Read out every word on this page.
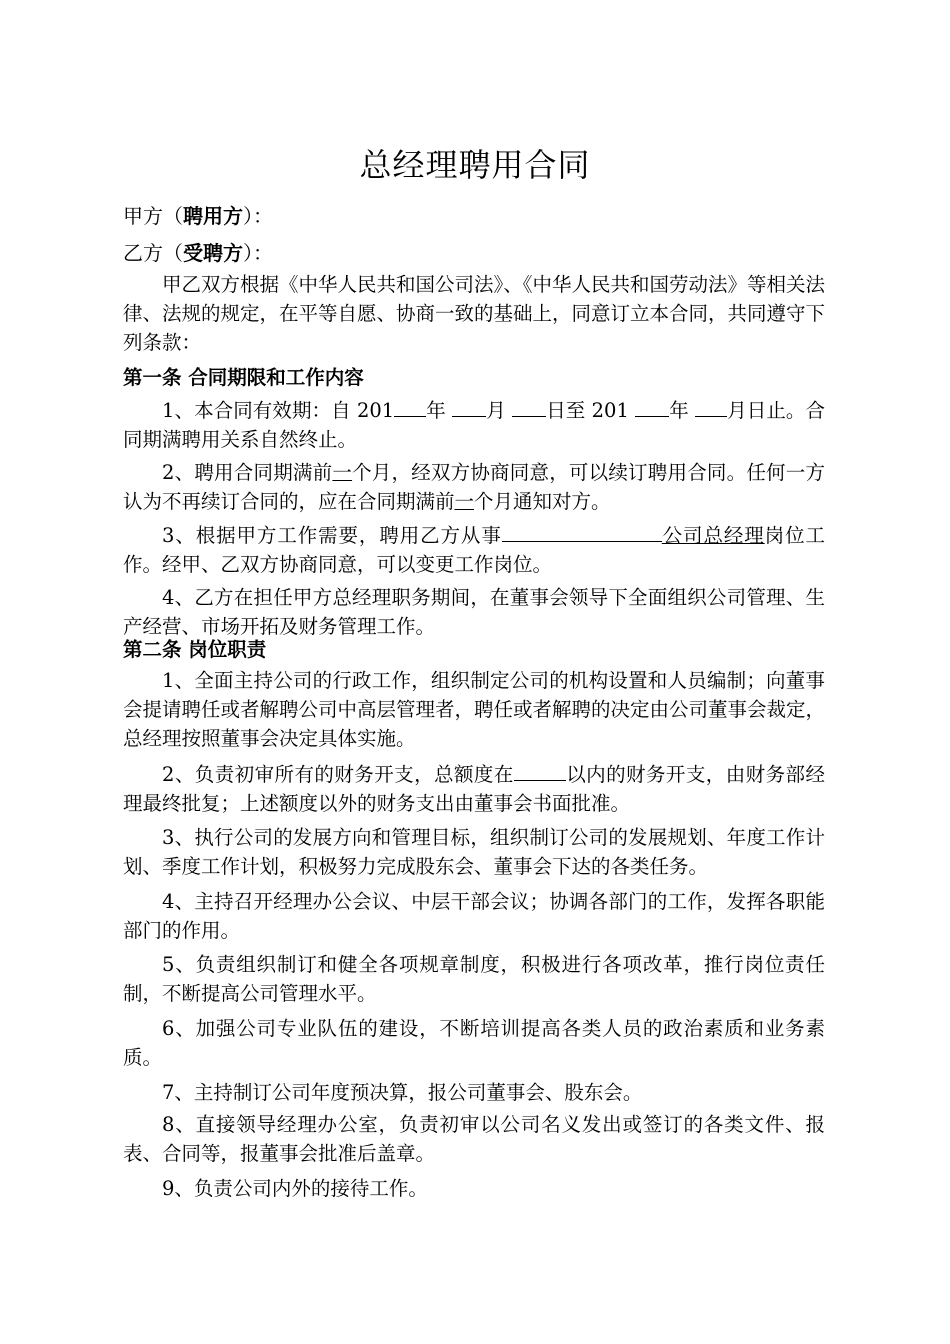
总经理聘用合同
甲方（聘用方）：
乙方（受聘方）：

甲乙双方根据《中华人民共和国公司法》、《中华人民共和国劳动法》等相关法律、法规的规定，在平等自愿、协商一致的基础上，同意订立本合同，共同遵守下列条款：

第一条 合同期限和工作内容

1、本合同有效期：自 201 年 月 日至 201 年 月日止。合同期满聘用关系自然终止。

2、聘用合同期满前一个月，经双方协商同意，可以续订聘用合同。任何一方认为不再续订合同的，应在合同期满前一个月通知对方。

3、根据甲方工作需要，聘用乙方从事	公司总经理岗位工作。经甲、乙双方协商同意，可以变更工作岗位。

4、乙方在担任甲方总经理职务期间，在董事会领导下全面组织公司管理、生产经营、市场开拓及财务管理工作。

第二条 岗位职责

1、全面主持公司的行政工作，组织制定公司的机构设置和人员编制；向董事会提请聘任或者解聘公司中高层管理者，聘任或者解聘的决定由公司董事会裁定，总经理按照董事会决定具体实施。

2、负责初审所有的财务开支，总额度在	以内的财务开支，由财务部经理最终批复；上述额度以外的财务支出由董事会书面批准。

3、执行公司的发展方向和管理目标，组织制订公司的发展规划、年度工作计划、季度工作计划，积极努力完成股东会、董事会下达的各类任务。

4、主持召开经理办公会议、中层干部会议；协调各部门的工作，发挥各职能部门的作用。

5、负责组织制订和健全各项规章制度，积极进行各项改革，推行岗位责任制，不断提高公司管理水平。

6、加强公司专业队伍的建设，不断培训提高各类人员的政治素质和业务素质。

7、主持制订公司年度预决算，报公司董事会、股东会。

8、直接领导经理办公室，负责初审以公司名义发出或签订的各类文件、报表、合同等，报董事会批准后盖章。

9、负责公司内外的接待工作。
